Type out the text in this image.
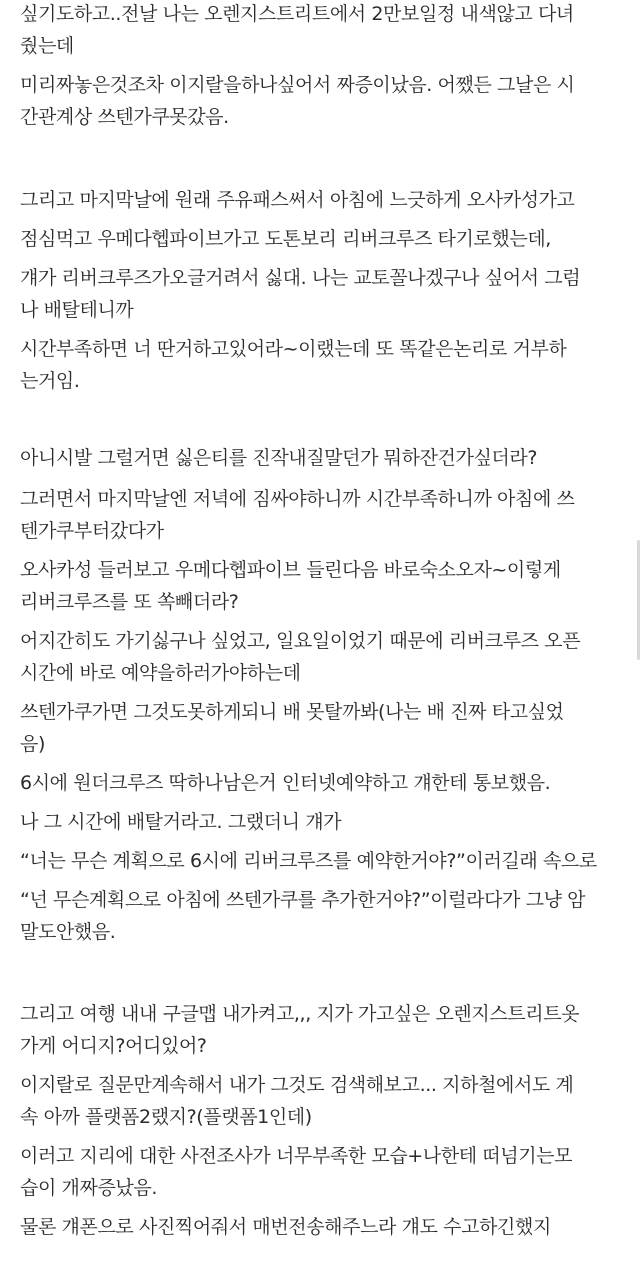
싶기도하고..전날 나는 오렌지스트리트에서 2만보일정 내색않고 다녀
줬는데
미리짜놓은것조차 이지랄을하나싶어서 짜증이났음. 어쨌든 그날은 시
간관계상 쓰텐가쿠못갔음.
그리고 마지막날에 원래 주유패스써서 아침에 느긋하게 오사카성가고
점심먹고 우메다헵파이브가고 도톤보리 리버크루즈 타기로했는데,
걔가 리버크루즈가오글거려서 싫대. 나는 교토꼴나겠구나 싶어서 그럼
나 배탈테니까
시간부족하면 너 딴거하고있어라~이랬는데 또 똑같은논리로 거부하
는거임.
아니시발 그럴거면 싫은티를 진작내질말던가 뭐하잔건가싶더라?
그러면서 마지막날엔 저녁에 짐싸야하니까 시간부족하니까 아침에 쓰
텐가쿠부터갔다가
오사카성 들러보고 우메다헵파이브 들린다음 바로숙소오자~이렇게
리버크루즈를 또 쏙빼더라?
어지간히도 가기싫구나 싶었고, 일요일이었기 때문에 리버크루즈 오픈
시간에 바로 예약을하러가야하는데
쓰텐가쿠가면 그것도못하게되니 배 못탈까봐(나는 배 진짜 타고싶었
음)
6시에 원더크루즈 딱하나남은거 인터넷예약하고 걔한테 통보했음.
나 그 시간에 배탈거라고. 그랬더니 걔가
“너는 무슨 계획으로 6시에 리버크루즈를 예약한거야?”이러길래 속으로
“넌 무슨계획으로 아침에 쓰텐가쿠를 추가한거야?”이럴라다가 그냥 암
말도안했음.
그리고 여행 내내 구글맵 내가켜고,,, 지가 가고싶은 오렌지스트리트옷
가게 어디지?어디있어?
이지랄로 질문만계속해서 내가 그것도 검색해보고... 지하철에서도 계
속 아까 플랫폼2랬지?(플랫폼1인데)
이러고 지리에 대한 사전조사가 너무부족한 모습+나한테 떠넘기는모
습이 개짜증났음.
물론 걔폰으로 사진찍어줘서 매번전송해주느라 걔도 수고하긴했지
